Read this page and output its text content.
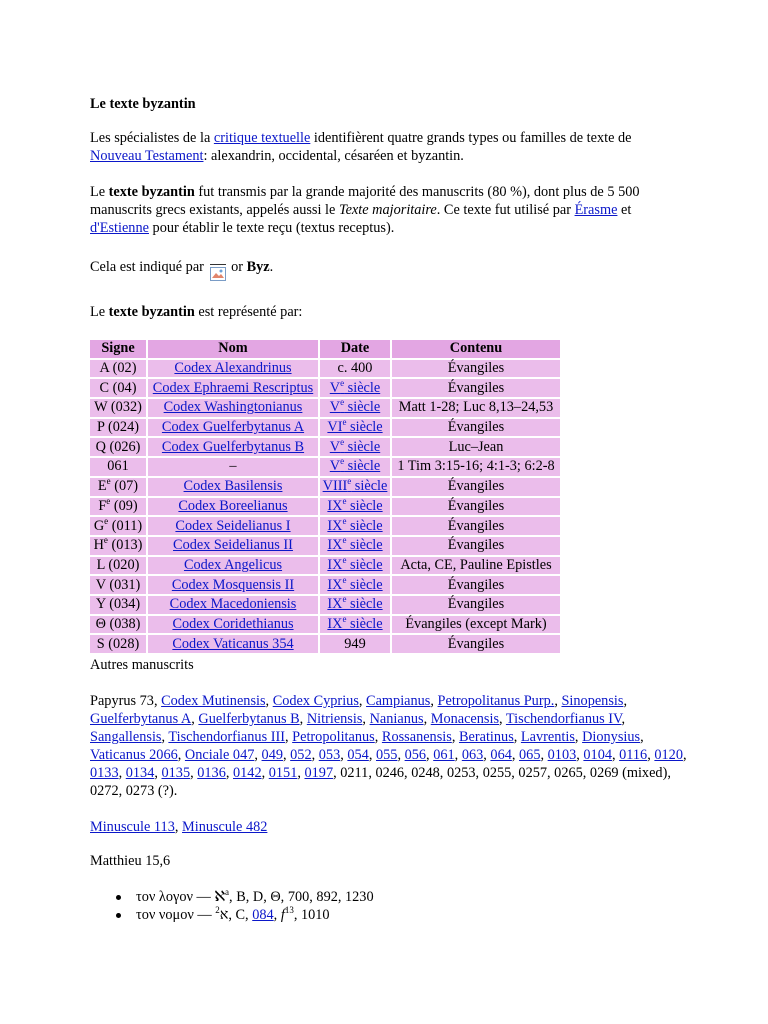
Le texte byzantin

Les spécialistes de la critique textuelle identifièrent quatre grands types ou familles de texte de
Nouveau Testament: alexandrin, occidental, césaréen et byzantin.

Le texte byzantin fut transmis par la grande majorité des manuscrits (80 %), dont plus de 5 500
manuscrits grecs existants, appelés aussi le Texte majoritaire. Ce texte fut utilisé par Érasme et
d'Estienne pour établir le texte reçu (textus receptus).

Cela est indiqué par
or Byz.

Le texte byzantin est représenté par:

Signe	Nom	Date	Contenu
A (02)	Codex Alexandrinus	c. 400	Évangiles
C (04)	Codex Ephraemi Rescriptus	Ve siècle	Évangiles
W (032)	Codex Washingtonianus	Ve siècle	Matt 1-28; Luc 8,13–24,53
P (024)	Codex Guelferbytanus A	VIe siècle	Évangiles
Q (026)	Codex Guelferbytanus B	Ve siècle	Luc–Jean
061	–	Ve siècle	1 Tim 3:15-16; 4:1-3; 6:2-8
$E^e$ (07)	Codex Basilensis	VIIIe siècle	Évangiles
$F^e$ (09)	Codex Boreelianus	IXe siècle	Évangiles
$G^e$ (011)	Codex Seidelianus I	IXe siècle	Évangiles
$H^e$ (013)	Codex Seidelianus II	IXe siècle	Évangiles
L (020)	Codex Angelicus	IXe siècle	Acta, CE, Pauline Epistles
V (031)	Codex Mosquensis II	IXe siècle	Évangiles
Y (034)	Codex Macedoniensis	IXe siècle	Évangiles
Θ (038)	Codex Coridethianus	IXe siècle	Évangiles (except Mark)
S (028)	Codex Vaticanus 354	949	Évangiles

Autres manuscrits

Papyrus 73, Codex Mutinensis, Codex Cyprius, Campianus, Petropolitanus Purp., Sinopensis, Guelferbytanus A, Guelferbytanus B, Nitriensis, Nanianus, Monacensis, Tischendorfianus IV, Sangallensis, Tischendorfianus III, Petropolitanus, Rossanensis, Beratinus, Lavrentis, Dionysius, Vaticanus 2066, Onciale 047, 049, 052, 053, 054, 055, 056, 061, 063, 064, 065, 0103, 0104, 0116, 0120, 0133, 0134, 0135, 0136, 0142, 0151, 0197, 0211, 0246, 0248, 0253, 0255, 0257, 0265, 0269 (mixed), 0272, 0273 (?).

Minuscule 113, Minuscule 482

Matthieu 15,6

τον λογον — ℵ$^a$, B, D, Θ, 700, 892, 1230
τον νομον — $^2$א, C, 084, $f^{13}$, 1010
